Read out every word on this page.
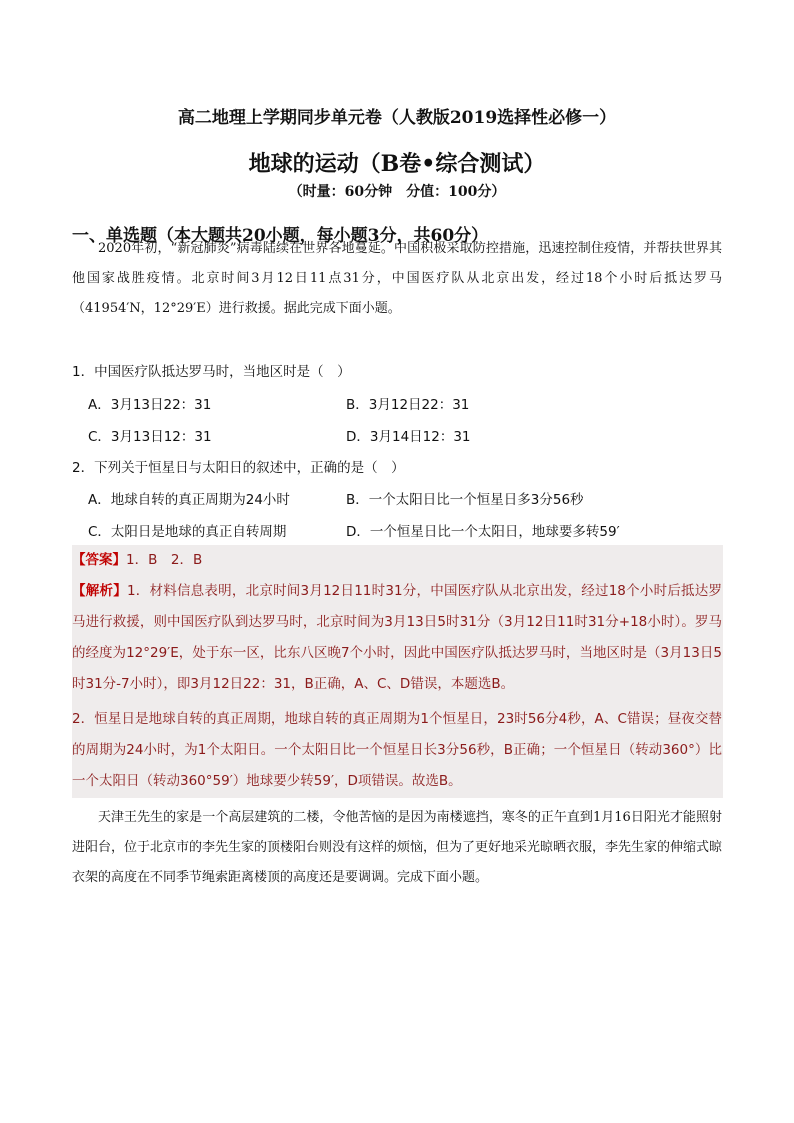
高二地理上学期同步单元卷（人教版2019选择性必修一）
地球的运动（B卷•综合测试）
（时量：60分钟　分值：100分）
一、单选题（本大题共20小题，每小题3分，共60分）
2020年初，“新冠肺炎”病毒陆续在世界各地蔓延。中国积极采取防控措施，迅速控制住疫情，并帮扶世界其他国家战胜疫情。北京时间3月12日11点31分，中国医疗队从北京出发，经过18个小时后抵达罗马（41954′N，12°29′E）进行救援。据此完成下面小题。
1．中国医疗队抵达罗马时，当地区时是（　）
A．3月13日22：31	B．3月12日22：31
C．3月13日12：31	D．3月14日12：31
2．下列关于恒星日与太阳日的叙述中，正确的是（　）
A．地球自转的真正周期为24小时	B．一个太阳日比一个恒星日多3分56秒
C．太阳日是地球的真正自转周期	D．一个恒星日比一个太阳日，地球要多转59′
【答案】1．B　2．B
【解析】1．材料信息表明，北京时间3月12日11时31分，中国医疗队从北京出发，经过18个小时后抵达罗马进行救援，则中国医疗队到达罗马时，北京时间为3月13日5时31分（3月12日11时31分+18小时）。罗马的经度为12°29′E，处于东一区，比东八区晚7个小时，因此中国医疗队抵达罗马时，当地区时是（3月13日5时31分-7小时），即3月12日22：31，B正确，A、C、D错误，本题选B。
2．恒星日是地球自转的真正周期，地球自转的真正周期为1个恒星日，23时56分4秒，A、C错误；昼夜交替的周期为24小时，为1个太阳日。一个太阳日比一个恒星日长3分56秒，B正确；一个恒星日（转动360°）比一个太阳日（转动360°59′）地球要少转59′，D项错误。故选B。
天津王先生的家是一个高层建筑的二楼，令他苦恼的是因为南楼遮挡，寒冬的正午直到1月16日阳光才能照射进阳台，位于北京市的李先生家的顶楼阳台则没有这样的烦恼，但为了更好地采光晾晒衣服，李先生家的伸缩式晾衣架的高度在不同季节绳索距离楼顶的高度还是要调调。完成下面小题。
